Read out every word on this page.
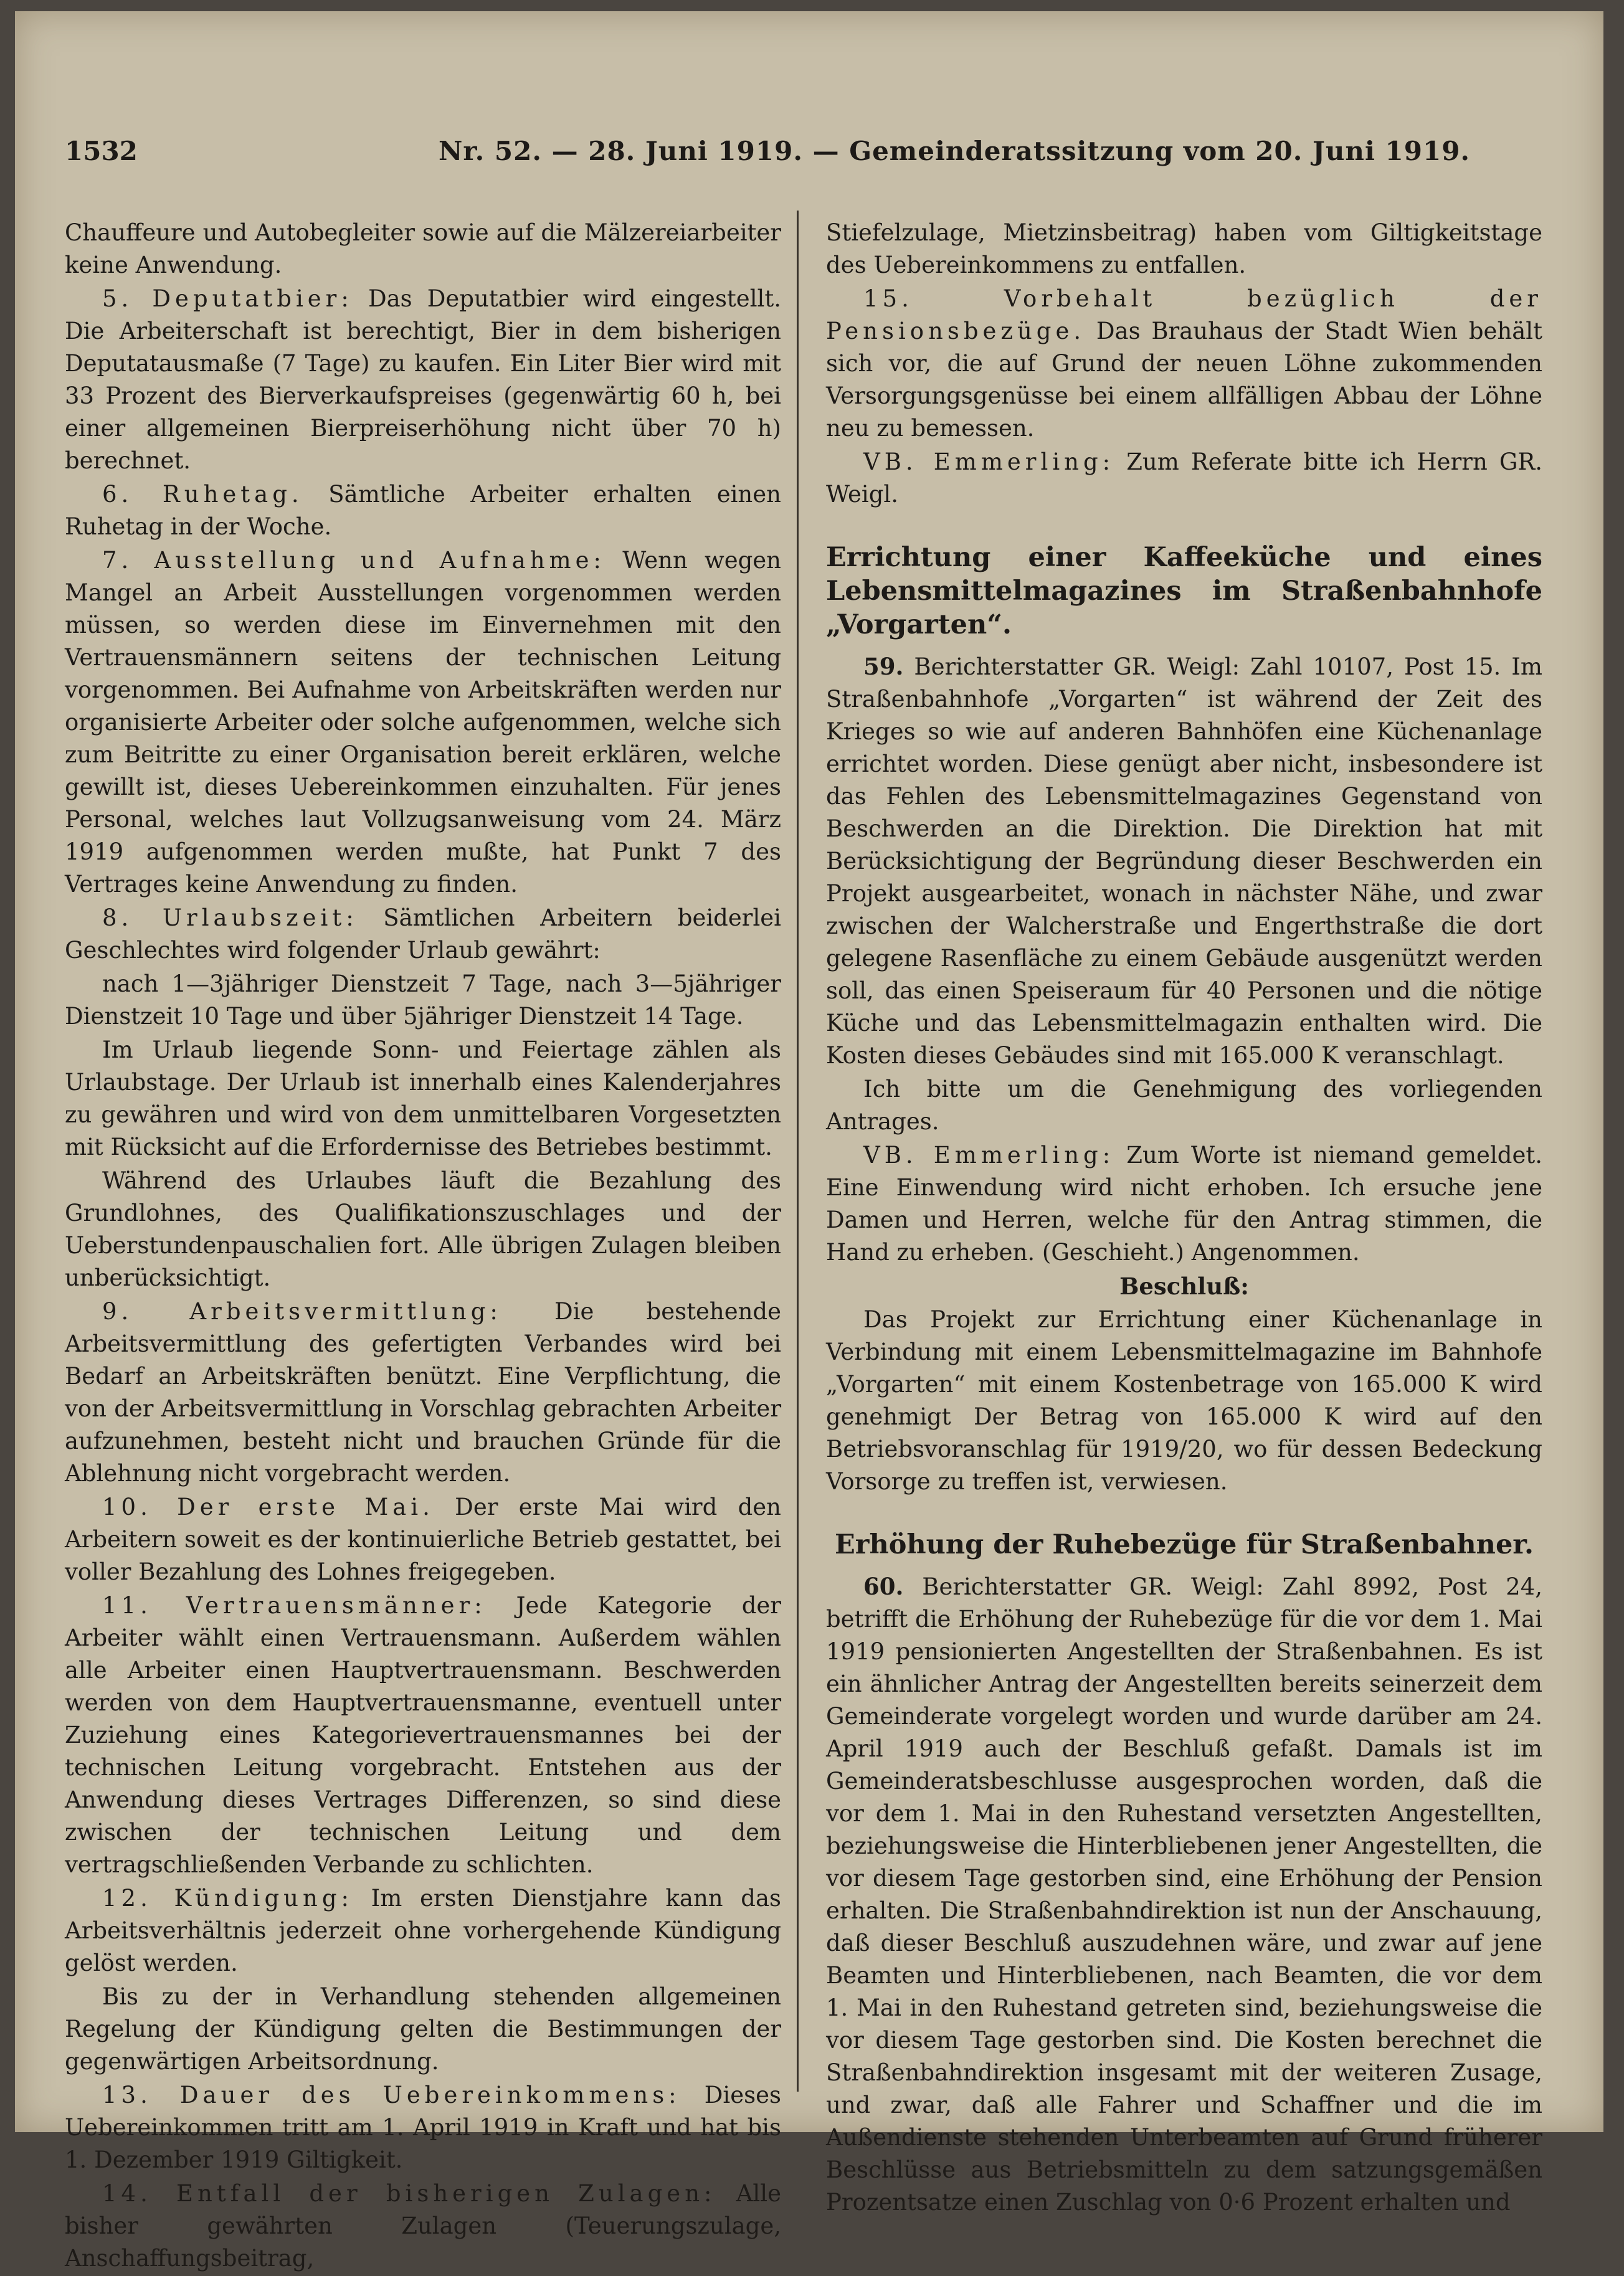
1532	Nr. 52. — 28. Juni 1919. — Gemeinderatssitzung vom 20. Juni 1919.

Chauffeure und Autobegleiter sowie auf die Mälzereiarbeiter keine Anwendung.

5. Deputatbier: Das Deputatbier wird eingestellt. Die Arbeiterschaft ist berechtigt, Bier in dem bisherigen Deputatausmaße (7 Tage) zu kaufen. Ein Liter Bier wird mit 33 Prozent des Bierverkaufspreises (gegenwärtig 60 h, bei einer allgemeinen Bierpreiserhöhung nicht über 70 h) berechnet.

6. Ruhetag. Sämtliche Arbeiter erhalten einen Ruhetag in der Woche.

7. Ausstellung und Aufnahme: Wenn wegen Mangel an Arbeit Ausstellungen vorgenommen werden müssen, so werden diese im Einvernehmen mit den Vertrauensmännern seitens der technischen Leitung vorgenommen. Bei Aufnahme von Arbeitskräften werden nur organisierte Arbeiter oder solche aufgenommen, welche sich zum Beitritte zu einer Organisation bereit erklären, welche gewillt ist, dieses Uebereinkommen einzuhalten. Für jenes Personal, welches laut Vollzugsanweisung vom 24. März 1919 aufgenommen werden mußte, hat Punkt 7 des Vertrages keine Anwendung zu finden.

8. Urlaubszeit: Sämtlichen Arbeitern beiderlei Geschlechtes wird folgender Urlaub gewährt:

nach 1—3jähriger Dienstzeit 7 Tage, nach 3—5jähriger Dienstzeit 10 Tage und über 5jähriger Dienstzeit 14 Tage.

Im Urlaub liegende Sonn- und Feiertage zählen als Urlaubstage. Der Urlaub ist innerhalb eines Kalenderjahres zu gewähren und wird von dem unmittelbaren Vorgesetzten mit Rücksicht auf die Erfordernisse des Betriebes bestimmt.

Während des Urlaubes läuft die Bezahlung des Grundlohnes, des Qualifikationszuschlages und der Ueberstundenpauschalien fort. Alle übrigen Zulagen bleiben unberücksichtigt.

9. Arbeitsvermittlung: Die bestehende Arbeitsvermittlung des gefertigten Verbandes wird bei Bedarf an Arbeitskräften benützt. Eine Verpflichtung, die von der Arbeitsvermittlung in Vorschlag gebrachten Arbeiter aufzunehmen, besteht nicht und brauchen Gründe für die Ablehnung nicht vorgebracht werden.

10. Der erste Mai. Der erste Mai wird den Arbeitern soweit es der kontinuierliche Betrieb gestattet, bei voller Bezahlung des Lohnes freigegeben.

11. Vertrauensmänner: Jede Kategorie der Arbeiter wählt einen Vertrauensmann. Außerdem wählen alle Arbeiter einen Hauptvertrauensmann. Beschwerden werden von dem Hauptvertrauensmanne, eventuell unter Zuziehung eines Kategorievertrauensmannes bei der technischen Leitung vorgebracht. Entstehen aus der Anwendung dieses Vertrages Differenzen, so sind diese zwischen der technischen Leitung und dem vertragschließenden Verbande zu schlichten.

12. Kündigung: Im ersten Dienstjahre kann das Arbeitsverhältnis jederzeit ohne vorhergehende Kündigung gelöst werden.

Bis zu der in Verhandlung stehenden allgemeinen Regelung der Kündigung gelten die Bestimmungen der gegenwärtigen Arbeitsordnung.

13. Dauer des Uebereinkommens: Dieses Uebereinkommen tritt am 1. April 1919 in Kraft und hat bis 1. Dezember 1919 Giltigkeit.

14. Entfall der bisherigen Zulagen: Alle bisher gewährten Zulagen (Teuerungszulage, Anschaffungsbeitrag,

Stiefelzulage, Mietzinsbeitrag) haben vom Giltigkeitstage des Uebereinkommens zu entfallen.

15. Vorbehalt bezüglich der Pensionsbezüge. Das Brauhaus der Stadt Wien behält sich vor, die auf Grund der neuen Löhne zukommenden Versorgungsgenüsse bei einem allfälligen Abbau der Löhne neu zu bemessen.

VB. Emmerling: Zum Referate bitte ich Herrn GR. Weigl.

Errichtung einer Kaffeeküche und eines Lebensmittelmagazines im Straßenbahnhofe „Vorgarten“.

59. Berichterstatter GR. Weigl: Zahl 10107, Post 15. Im Straßenbahnhofe „Vorgarten“ ist während der Zeit des Krieges so wie auf anderen Bahnhöfen eine Küchenanlage errichtet worden. Diese genügt aber nicht, insbesondere ist das Fehlen des Lebensmittelmagazines Gegenstand von Beschwerden an die Direktion. Die Direktion hat mit Berücksichtigung der Begründung dieser Beschwerden ein Projekt ausgearbeitet, wonach in nächster Nähe, und zwar zwischen der Walcherstraße und Engerthstraße die dort gelegene Rasenfläche zu einem Gebäude ausgenützt werden soll, das einen Speiseraum für 40 Personen und die nötige Küche und das Lebensmittelmagazin enthalten wird. Die Kosten dieses Gebäudes sind mit 165.000 K veranschlagt.

Ich bitte um die Genehmigung des vorliegenden Antrages.

VB. Emmerling: Zum Worte ist niemand gemeldet. Eine Einwendung wird nicht erhoben. Ich ersuche jene Damen und Herren, welche für den Antrag stimmen, die Hand zu erheben. (Geschieht.) Angenommen.

Beschluß:

Das Projekt zur Errichtung einer Küchenanlage in Verbindung mit einem Lebensmittelmagazine im Bahnhofe „Vorgarten“ mit einem Kostenbetrage von 165.000 K wird genehmigt Der Betrag von 165.000 K wird auf den Betriebsvoranschlag für 1919/20, wo für dessen Bedeckung Vorsorge zu treffen ist, verwiesen.

Erhöhung der Ruhebezüge für Straßenbahner.

60. Berichterstatter GR. Weigl: Zahl 8992, Post 24, betrifft die Erhöhung der Ruhebezüge für die vor dem 1. Mai 1919 pensionierten Angestellten der Straßenbahnen. Es ist ein ähnlicher Antrag der Angestellten bereits seinerzeit dem Gemeinderate vorgelegt worden und wurde darüber am 24. April 1919 auch der Beschluß gefaßt. Damals ist im Gemeinderatsbeschlusse ausgesprochen worden, daß die vor dem 1. Mai in den Ruhestand versetzten Angestellten, beziehungsweise die Hinterbliebenen jener Angestellten, die vor diesem Tage gestorben sind, eine Erhöhung der Pension erhalten. Die Straßenbahndirektion ist nun der Anschauung, daß dieser Beschluß auszudehnen wäre, und zwar auf jene Beamten und Hinterbliebenen, nach Beamten, die vor dem 1. Mai in den Ruhestand getreten sind, beziehungsweise die vor diesem Tage gestorben sind. Die Kosten berechnet die Straßenbahndirektion insgesamt mit der weiteren Zusage, und zwar, daß alle Fahrer und Schaffner und die im Außendienste stehenden Unterbeamten auf Grund früherer Beschlüsse aus Betriebsmitteln zu dem satzungsgemäßen Prozentsatze einen Zuschlag von 0·6 Prozent erhalten und
